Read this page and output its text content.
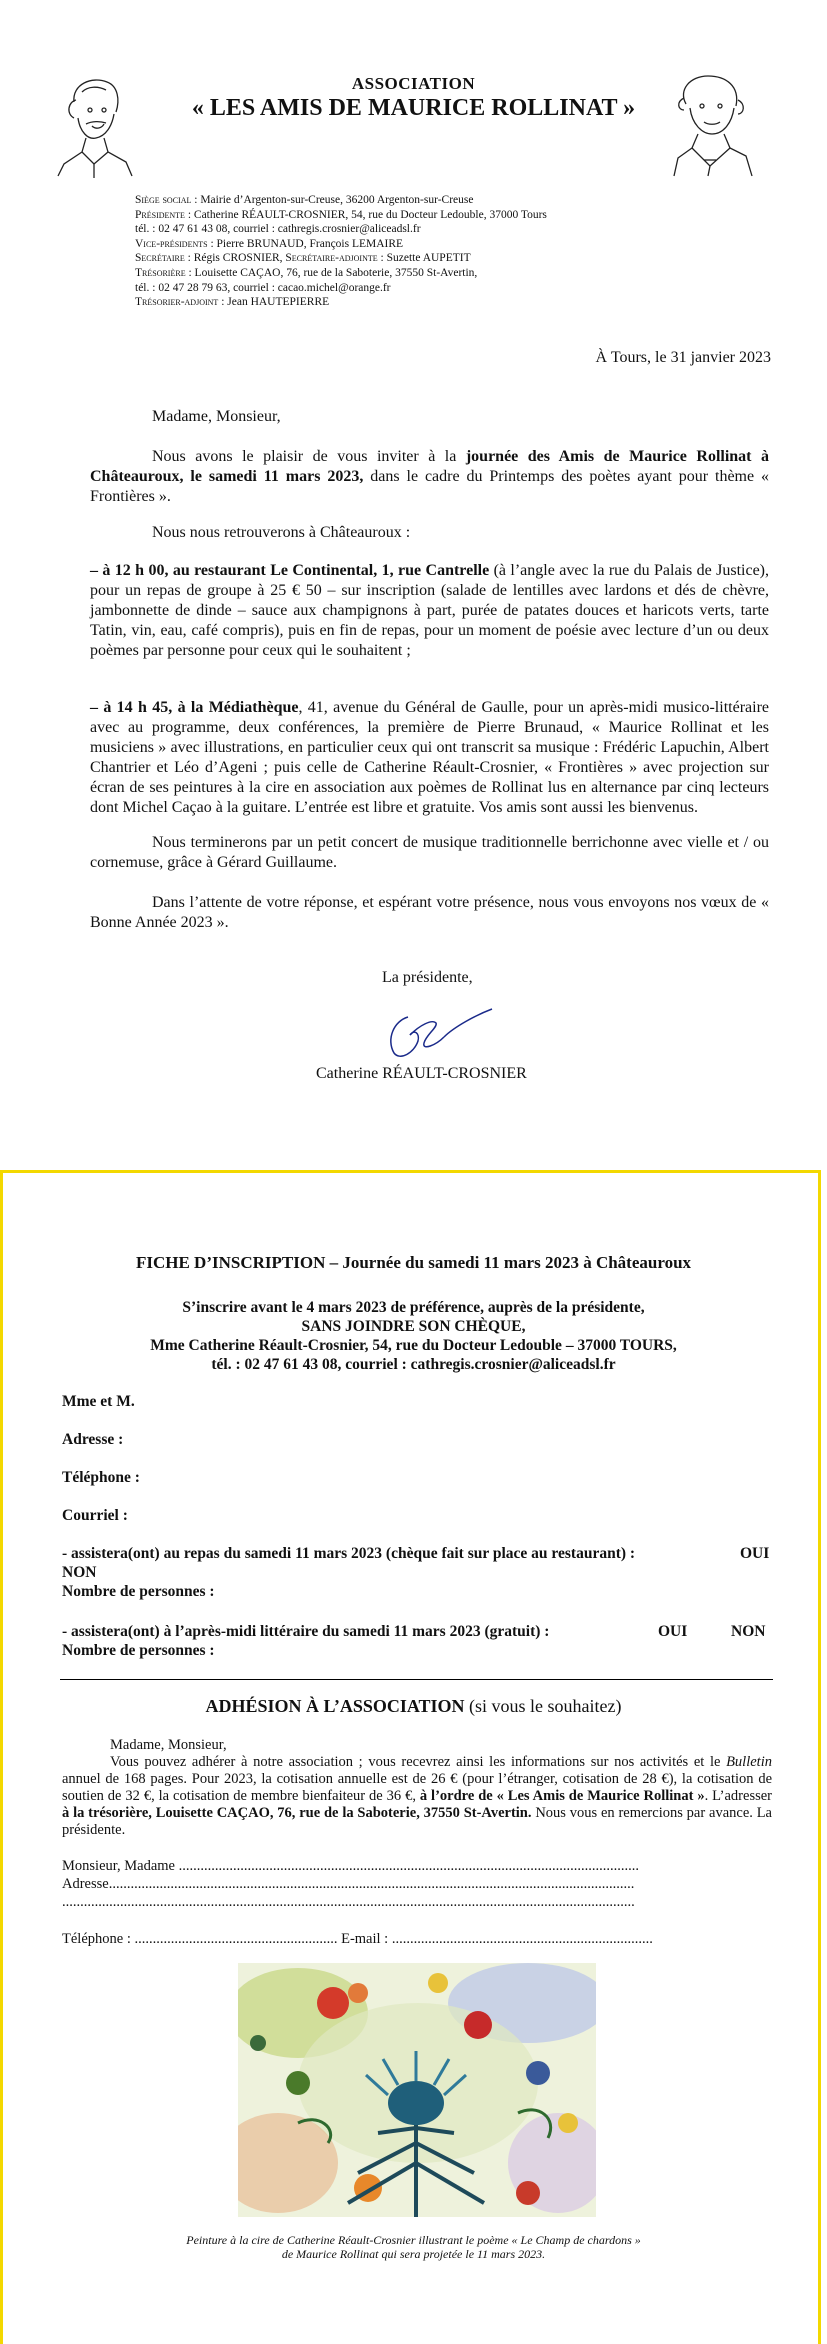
ASSOCIATION
« LES AMIS DE MAURICE ROLLINAT »
Siège social : Mairie d’Argenton-sur-Creuse, 36200 Argenton-sur-Creuse
Présidente : Catherine RÉAULT-CROSNIER, 54, rue du Docteur Ledouble, 37000 Tours
tél. : 02 47 61 43 08, courriel : cathregis.crosnier@aliceadsl.fr
Vice-présidents : Pierre BRUNAUD, François LEMAIRE
Secrétaire : Régis CROSNIER, Secrétaire-adjointe : Suzette AUPETIT
Trésorière : Louisette CAÇAO, 76, rue de la Saboterie, 37550 St-Avertin,
tél. : 02 47 28 79 63, courriel : cacao.michel@orange.fr
Trésorier-adjoint : Jean HAUTEPIERRE
À Tours, le 31 janvier 2023
Madame, Monsieur,
Nous avons le plaisir de vous inviter à la journée des Amis de Maurice Rollinat à Châteauroux, le samedi 11 mars 2023, dans le cadre du Printemps des poètes ayant pour thème « Frontières ».
Nous nous retrouverons à Châteauroux :
– à 12 h 00, au restaurant Le Continental, 1, rue Cantrelle (à l’angle avec la rue du Palais de Justice), pour un repas de groupe à 25 € 50 – sur inscription (salade de lentilles avec lardons et dés de chèvre, jambonnette de dinde – sauce aux champignons à part, purée de patates douces et haricots verts, tarte Tatin, vin, eau, café compris), puis en fin de repas, pour un moment de poésie avec lecture d’un ou deux poèmes par personne pour ceux qui le souhaitent ;
– à 14 h 45, à la Médiathèque, 41, avenue du Général de Gaulle, pour un après-midi musico-littéraire avec au programme, deux conférences, la première de Pierre Brunaud, « Maurice Rollinat et les musiciens » avec illustrations, en particulier ceux qui ont transcrit sa musique : Frédéric Lapuchin, Albert Chantrier et Léo d’Ageni ; puis celle de Catherine Réault-Crosnier, « Frontières » avec projection sur écran de ses peintures à la cire en association aux poèmes de Rollinat lus en alternance par cinq lecteurs dont Michel Caçao à la guitare. L’entrée est libre et gratuite. Vos amis sont aussi les bienvenus.
Nous terminerons par un petit concert de musique traditionnelle berrichonne avec vielle et / ou cornemuse, grâce à Gérard Guillaume.
Dans l’attente de votre réponse, et espérant votre présence, nous vous envoyons nos vœux de « Bonne Année 2023 ».
La présidente,
Catherine RÉAULT-CROSNIER
FICHE D’INSCRIPTION – Journée du samedi 11 mars 2023 à Châteauroux
S’inscrire avant le 4 mars 2023 de préférence, auprès de la présidente,
SANS JOINDRE SON CHÈQUE,
Mme Catherine Réault-Crosnier, 54, rue du Docteur Ledouble – 37000 TOURS,
tél. : 02 47 61 43 08, courriel : cathregis.crosnier@aliceadsl.fr
Mme et M.
Adresse :
Téléphone :
Courriel :
- assistera(ont) au repas du samedi 11 mars 2023 (chèque fait sur place au restaurant) :	OUI
NON
Nombre de personnes :
- assistera(ont) à l’après-midi littéraire du samedi 11 mars 2023 (gratuit) :	OUI	NON
Nombre de personnes :
ADHÉSION À L’ASSOCIATION (si vous le souhaitez)
Madame, Monsieur,
Vous pouvez adhérer à notre association ; vous recevrez ainsi les informations sur nos activités et le Bulletin annuel de 168 pages. Pour 2023, la cotisation annuelle est de 26 € (pour l’étranger, cotisation de 28 €), la cotisation de soutien de 32 €, la cotisation de membre bienfaiteur de 36 €, à l’ordre de « Les Amis de Maurice Rollinat ». L’adresser à la trésorière, Louisette CAÇAO, 76, rue de la Saboterie, 37550 St-Avertin. Nous vous en remercions par avance. La présidente.
Monsieur, Madame ...............................................................................................................................
Adresse.................................................................................................................................................
..............................................................................................................................................................
Téléphone : ........................................................ E-mail : ........................................................................
Peinture à la cire de Catherine Réault-Crosnier illustrant le poème « Le Champ de chardons »
de Maurice Rollinat qui sera projetée le 11 mars 2023.
